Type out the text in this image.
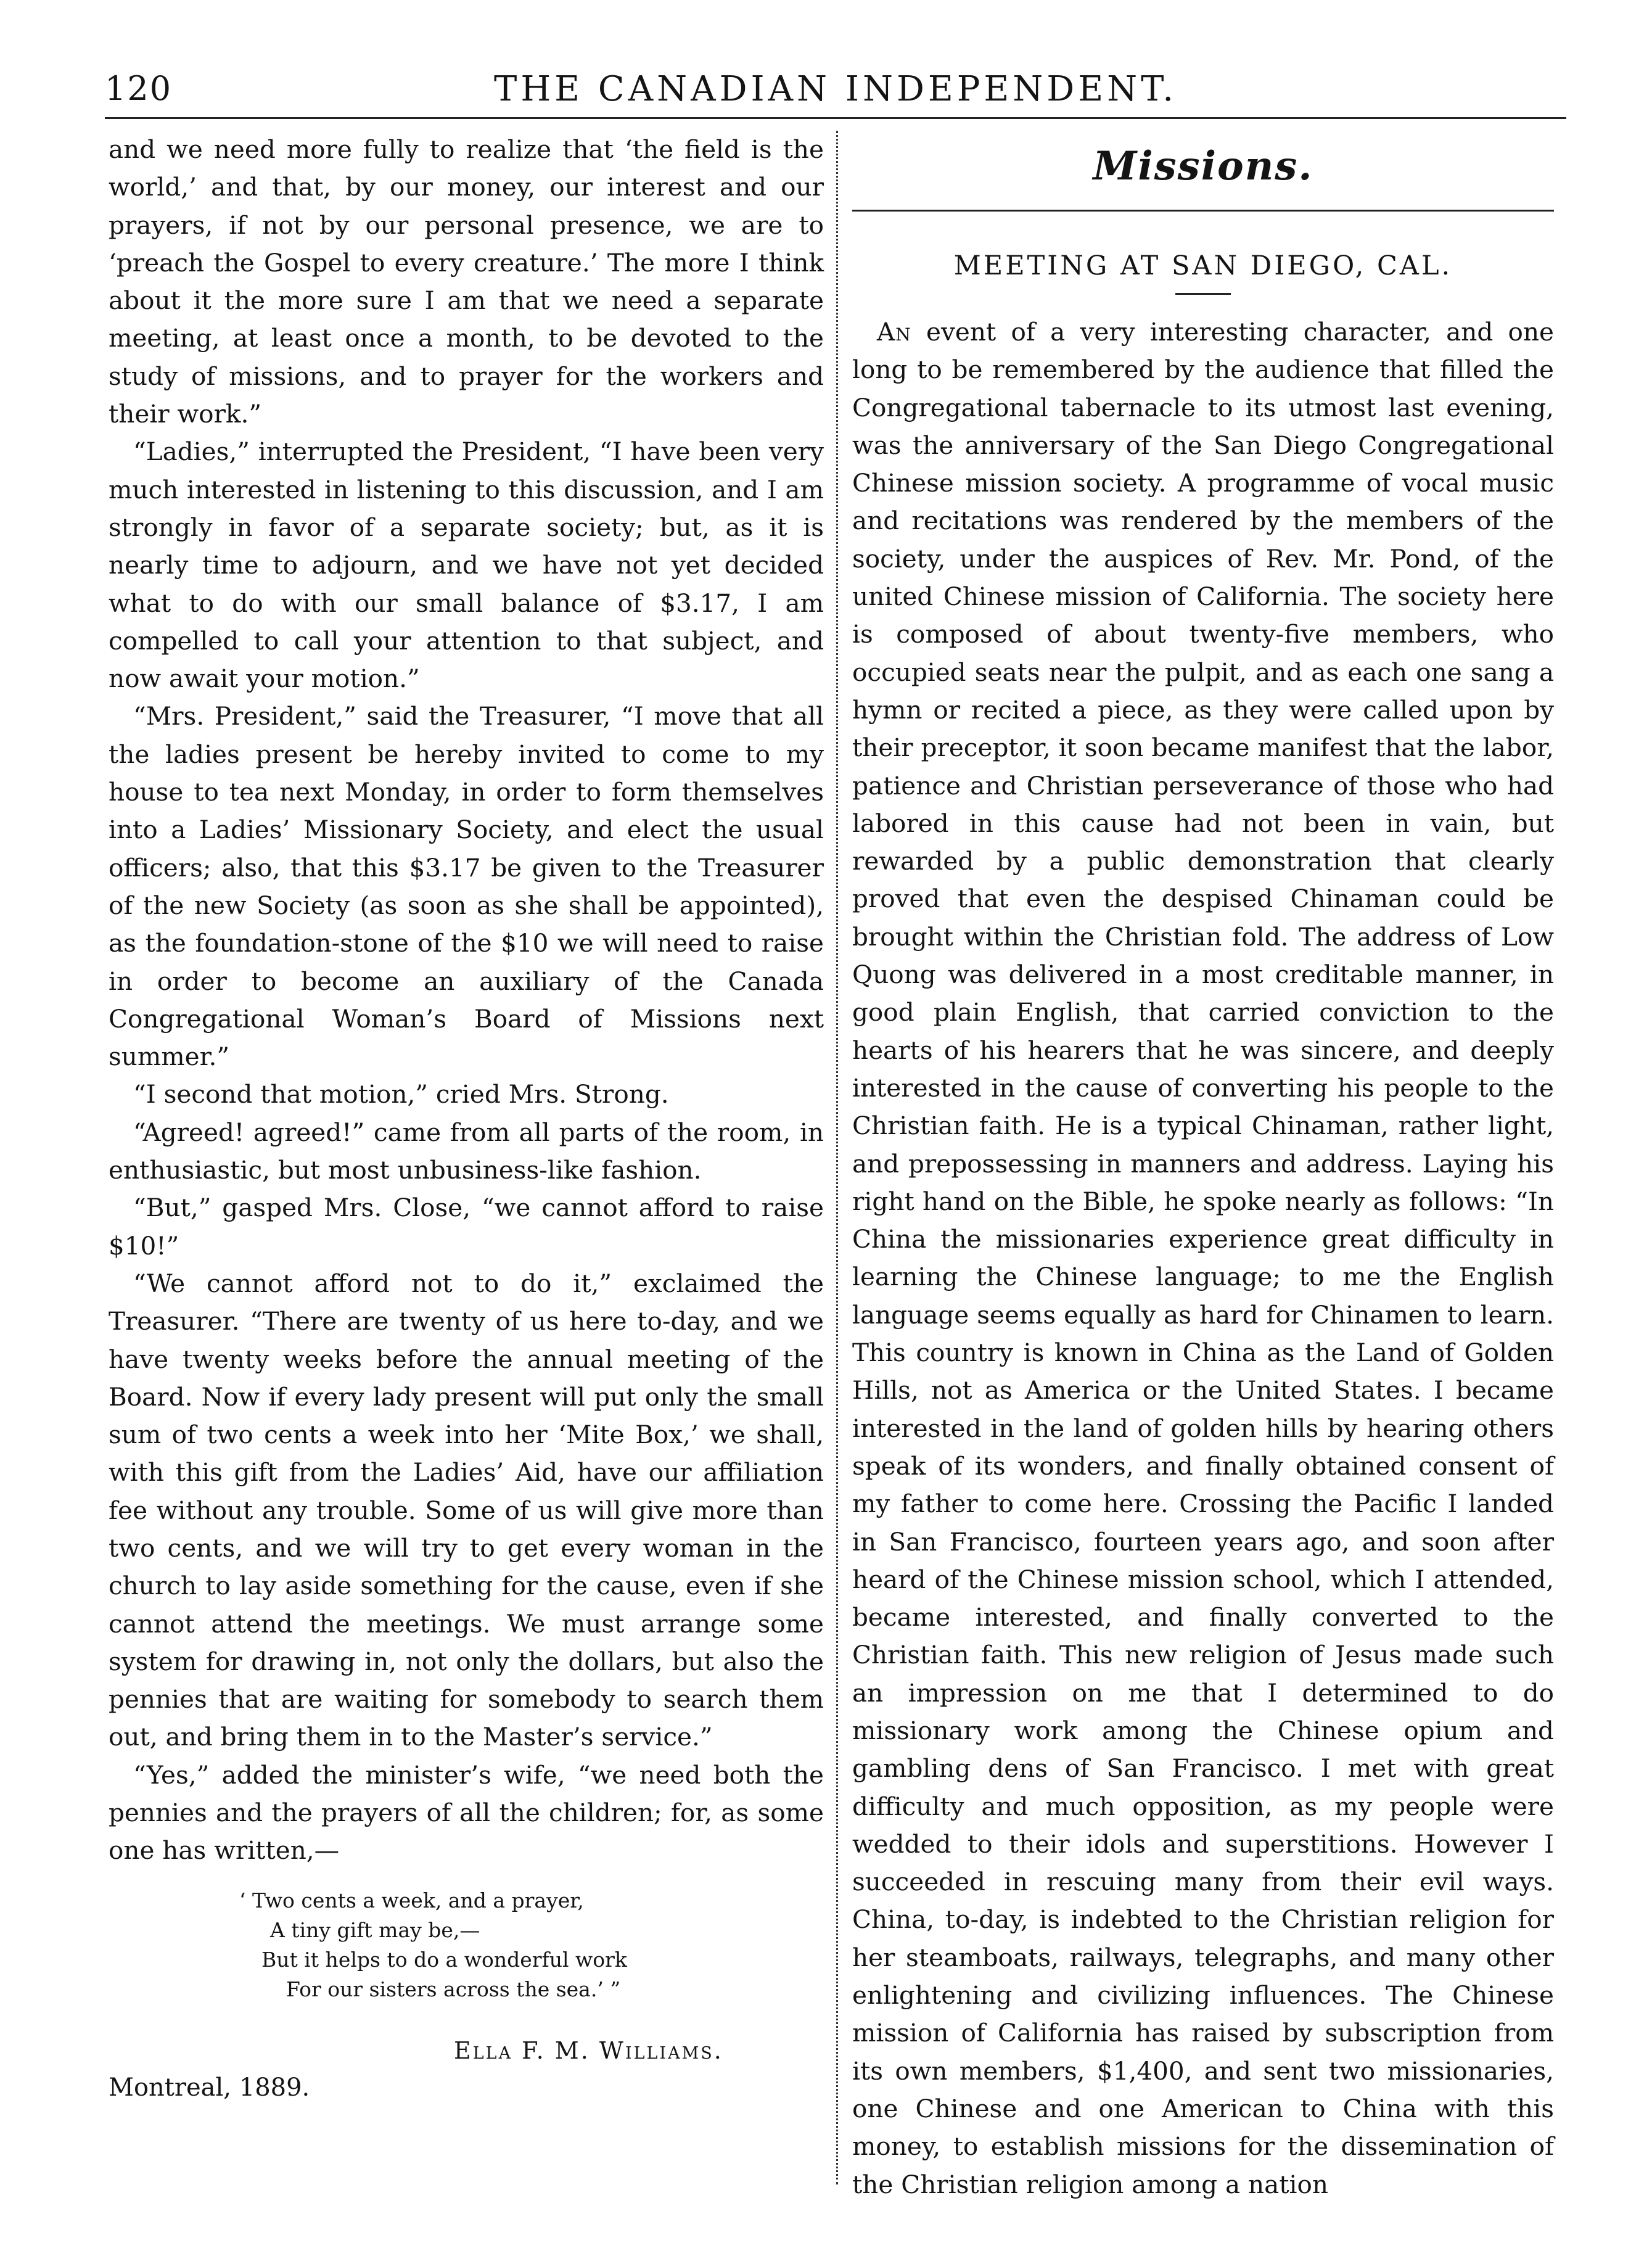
120	THE CANADIAN INDEPENDENT.

and we need more fully to realize that ‘the field is the world,’ and that, by our money, our interest and our prayers, if not by our personal presence, we are to ‘preach the Gospel to every creature.’ The more I think about it the more sure I am that we need a separate meeting, at least once a month, to be devoted to the study of missions, and to prayer for the workers and their work.”

“Ladies,” interrupted the President, “I have been very much interested in listening to this discussion, and I am strongly in favor of a separate society; but, as it is nearly time to adjourn, and we have not yet decided what to do with our small balance of $3.17, I am compelled to call your attention to that subject, and now await your motion.”

“Mrs. President,” said the Treasurer, “I move that all the ladies present be hereby invited to come to my house to tea next Monday, in order to form themselves into a Ladies’ Missionary Society, and elect the usual officers; also, that this $3.17 be given to the Treasurer of the new Society (as soon as she shall be appointed), as the foundation-stone of the $10 we will need to raise in order to become an auxiliary of the Canada Congregational Woman’s Board of Missions next summer.”

“I second that motion,” cried Mrs. Strong.

“Agreed! agreed!” came from all parts of the room, in enthusiastic, but most unbusiness-like fashion.

“But,” gasped Mrs. Close, “we cannot afford to raise $10!”

“We cannot afford not to do it,” exclaimed the Treasurer. “There are twenty of us here to-day, and we have twenty weeks before the annual meeting of the Board. Now if every lady present will put only the small sum of two cents a week into her ‘Mite Box,’ we shall, with this gift from the Ladies’ Aid, have our affiliation fee without any trouble. Some of us will give more than two cents, and we will try to get every woman in the church to lay aside something for the cause, even if she cannot attend the meetings. We must arrange some system for drawing in, not only the dollars, but also the pennies that are waiting for somebody to search them out, and bring them in to the Master’s service.”

“Yes,” added the minister’s wife, “we need both the pennies and the prayers of all the children; for, as some one has written,—

‘ Two cents a week, and a prayer,
A tiny gift may be,—
But it helps to do a wonderful work
For our sisters across the sea.’ ”
Ella F. M. Williams.
Montreal, 1889.
Missions.
MEETING AT SAN DIEGO, CAL.

An event of a very interesting character, and one long to be remembered by the audience that filled the Congregational tabernacle to its utmost last evening, was the anniversary of the San Diego Congregational Chinese mission society. A programme of vocal music and recitations was rendered by the members of the society, under the auspices of Rev. Mr. Pond, of the united Chinese mission of California. The society here is composed of about twenty-five members, who occupied seats near the pulpit, and as each one sang a hymn or recited a piece, as they were called upon by their preceptor, it soon became manifest that the labor, patience and Christian perseverance of those who had labored in this cause had not been in vain, but rewarded by a public demonstration that clearly proved that even the despised Chinaman could be brought within the Christian fold. The address of Low Quong was delivered in a most creditable manner, in good plain English, that carried conviction to the hearts of his hearers that he was sincere, and deeply interested in the cause of converting his people to the Christian faith. He is a typical Chinaman, rather light, and prepossessing in manners and address. Laying his right hand on the Bible, he spoke nearly as follows: “In China the missionaries experience great difficulty in learning the Chinese language; to me the English language seems equally as hard for Chinamen to learn. This country is known in China as the Land of Golden Hills, not as America or the United States. I became interested in the land of golden hills by hearing others speak of its wonders, and finally obtained consent of my father to come here. Crossing the Pacific I landed in San Francisco, fourteen years ago, and soon after heard of the Chinese mission school, which I attended, became interested, and finally converted to the Christian faith. This new religion of Jesus made such an impression on me that I determined to do missionary work among the Chinese opium and gambling dens of San Francisco. I met with great difficulty and much opposition, as my people were wedded to their idols and superstitions. However I succeeded in rescuing many from their evil ways. China, to-day, is indebted to the Christian religion for her steamboats, railways, telegraphs, and many other enlightening and civilizing influences. The Chinese mission of California has raised by subscription from its own members, $1,400, and sent two missionaries, one Chinese and one American to China with this money, to establish missions for the dissemination of the Christian religion among a nation
